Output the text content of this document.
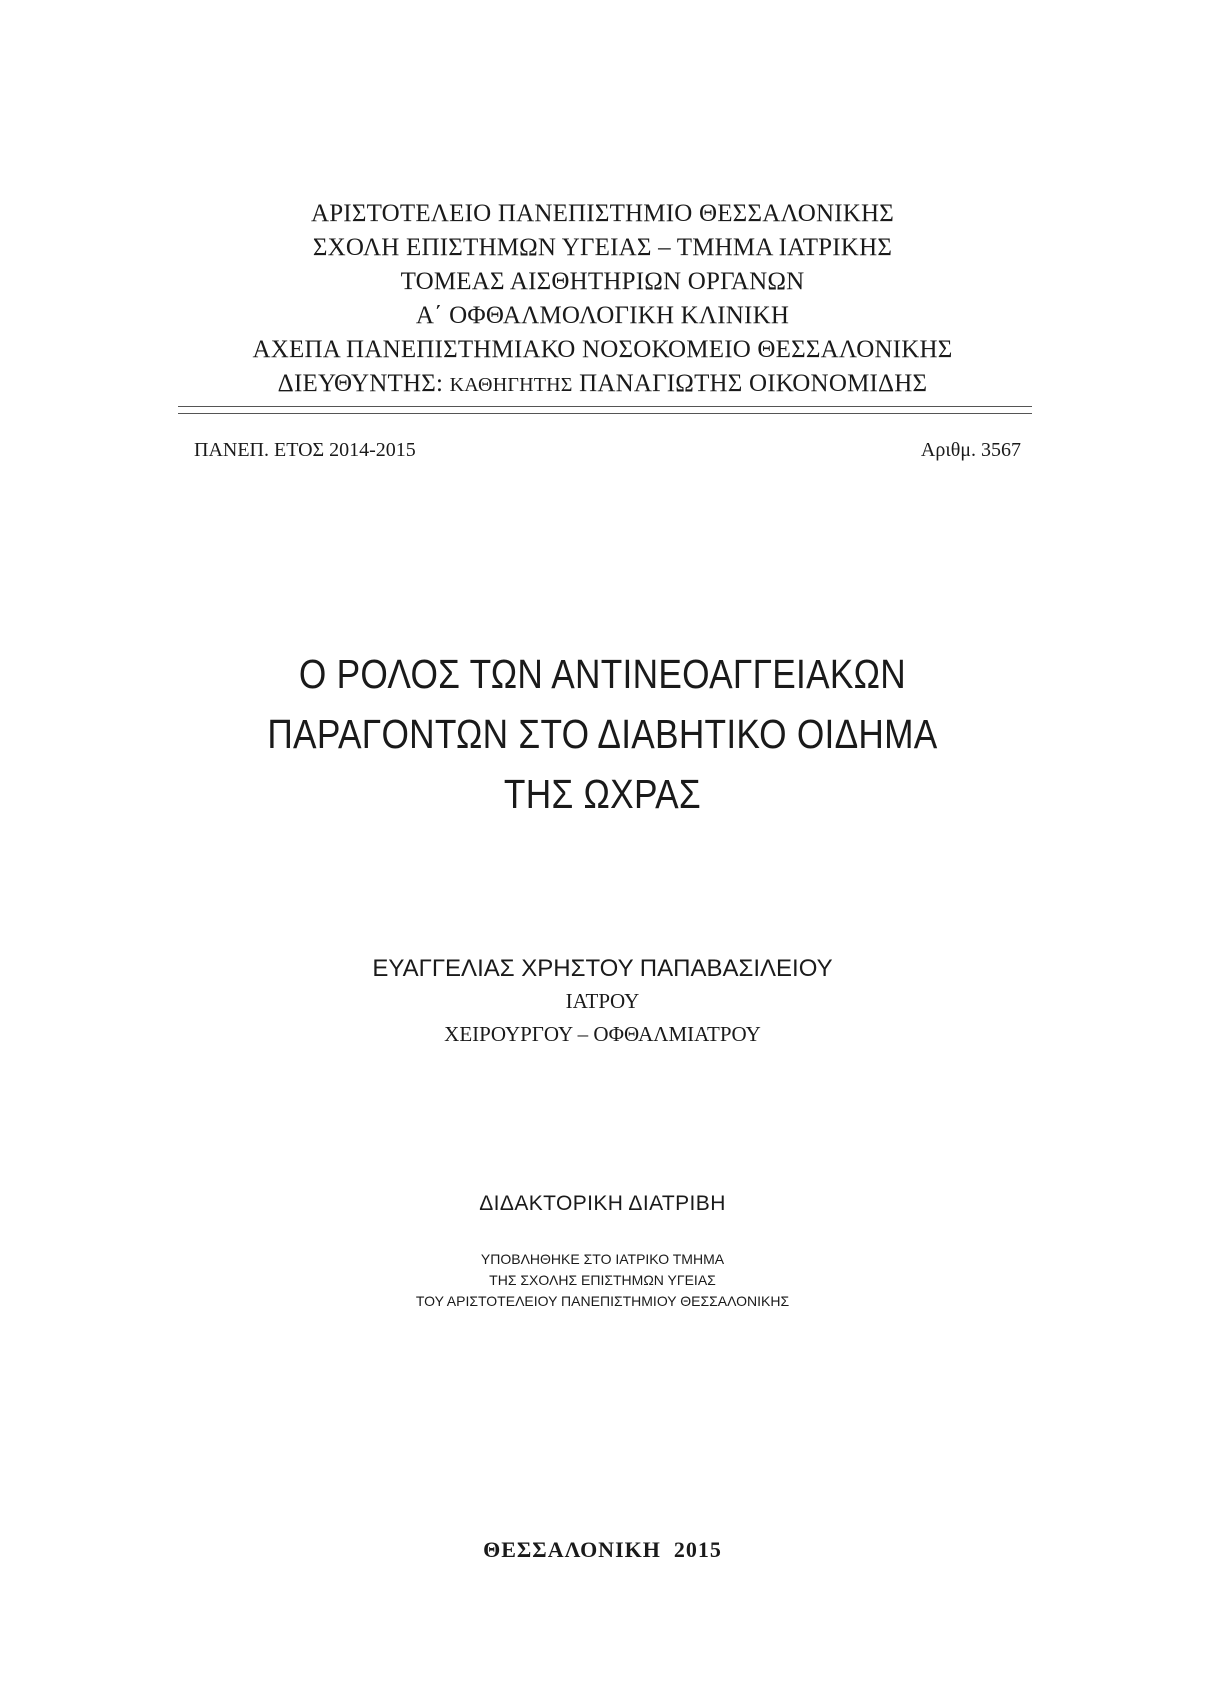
ΑΡΙΣΤΟΤΕΛΕΙΟ ΠΑΝΕΠΙΣΤΗΜΙΟ ΘΕΣΣΑΛΟΝΙΚΗΣ
ΣΧΟΛΗ ΕΠΙΣΤΗΜΩΝ ΥΓΕΙΑΣ – ΤΜΗΜΑ ΙΑΤΡΙΚΗΣ
ΤΟΜΕΑΣ ΑΙΣΘΗΤΗΡΙΩΝ ΟΡΓΑΝΩΝ
Α΄ ΟΦΘΑΛΜΟΛΟΓΙΚΗ ΚΛΙΝΙΚΗ
ΑΧΕΠΑ ΠΑΝΕΠΙΣΤΗΜΙΑΚΟ ΝΟΣΟΚΟΜΕΙΟ ΘΕΣΣΑΛΟΝΙΚΗΣ
ΔΙΕΥΘΥΝΤΗΣ: ΚΑΘΗΓΗΤΗΣ ΠΑΝΑΓΙΩΤΗΣ ΟΙΚΟΝΟΜΙΔΗΣ
ΠΑΝΕΠ. ΕΤΟΣ 2014-2015	Αριθμ. 3567
Ο ΡΟΛΟΣ ΤΩΝ ΑΝΤΙΝΕΟΑΓΓΕΙΑΚΩΝ
ΠΑΡΑΓΟΝΤΩΝ ΣΤΟ ΔΙΑΒΗΤΙΚΟ ΟΙΔΗΜΑ
ΤΗΣ ΩΧΡΑΣ
ΕΥΑΓΓΕΛΙΑΣ ΧΡΗΣΤΟΥ ΠΑΠΑΒΑΣΙΛΕΙΟΥ
ΙΑΤΡΟΥ
ΧΕΙΡΟΥΡΓΟΥ – ΟΦΘΑΛΜΙΑΤΡΟΥ
ΔΙΔΑΚΤΟΡΙΚΗ ΔΙΑΤΡΙΒΗ
ΥΠΟΒΛΗΘΗΚΕ ΣΤΟ ΙΑΤΡΙΚΟ ΤΜΗΜΑ
ΤΗΣ ΣΧΟΛΗΣ ΕΠΙΣΤΗΜΩΝ ΥΓΕΙΑΣ
ΤΟΥ ΑΡΙΣΤΟΤΕΛΕΙΟΥ ΠΑΝΕΠΙΣΤΗΜΙΟΥ ΘΕΣΣΑΛΟΝΙΚΗΣ
ΘΕΣΣΑΛΟΝΙΚΗ  2015
